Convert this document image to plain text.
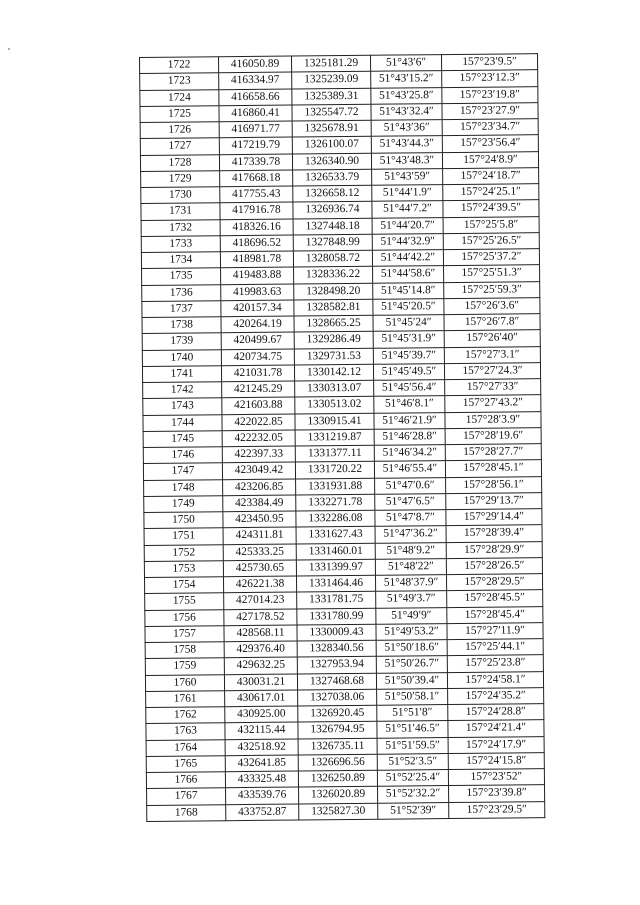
1722	416050.89	1325181.29	51°43′6″	157°23′9.5″
1723	416334.97	1325239.09	51°43′15.2″	157°23′12.3″
1724	416658.66	1325389.31	51°43′25.8″	157°23′19.8″
1725	416860.41	1325547.72	51°43′32.4″	157°23′27.9″
1726	416971.77	1325678.91	51°43′36″	157°23′34.7″
1727	417219.79	1326100.07	51°43′44.3″	157°23′56.4″
1728	417339.78	1326340.90	51°43′48.3″	157°24′8.9″
1729	417668.18	1326533.79	51°43′59″	157°24′18.7″
1730	417755.43	1326658.12	51°44′1.9″	157°24′25.1″
1731	417916.78	1326936.74	51°44′7.2″	157°24′39.5″
1732	418326.16	1327448.18	51°44′20.7″	157°25′5.8″
1733	418696.52	1327848.99	51°44′32.9″	157°25′26.5″
1734	418981.78	1328058.72	51°44′42.2″	157°25′37.2″
1735	419483.88	1328336.22	51°44′58.6″	157°25′51.3″
1736	419983.63	1328498.20	51°45′14.8″	157°25′59.3″
1737	420157.34	1328582.81	51°45′20.5″	157°26′3.6″
1738	420264.19	1328665.25	51°45′24″	157°26′7.8″
1739	420499.67	1329286.49	51°45′31.9″	157°26′40″
1740	420734.75	1329731.53	51°45′39.7″	157°27′3.1″
1741	421031.78	1330142.12	51°45′49.5″	157°27′24.3″
1742	421245.29	1330313.07	51°45′56.4″	157°27′33″
1743	421603.88	1330513.02	51°46′8.1″	157°27′43.2″
1744	422022.85	1330915.41	51°46′21.9″	157°28′3.9″
1745	422232.05	1331219.87	51°46′28.8″	157°28′19.6″
1746	422397.33	1331377.11	51°46′34.2″	157°28′27.7″
1747	423049.42	1331720.22	51°46′55.4″	157°28′45.1″
1748	423206.85	1331931.88	51°47′0.6″	157°28′56.1″
1749	423384.49	1332271.78	51°47′6.5″	157°29′13.7″
1750	423450.95	1332286.08	51°47′8.7″	157°29′14.4″
1751	424311.81	1331627.43	51°47′36.2″	157°28′39.4″
1752	425333.25	1331460.01	51°48′9.2″	157°28′29.9″
1753	425730.65	1331399.97	51°48′22″	157°28′26.5″
1754	426221.38	1331464.46	51°48′37.9″	157°28′29.5″
1755	427014.23	1331781.75	51°49′3.7″	157°28′45.5″
1756	427178.52	1331780.99	51°49′9″	157°28′45.4″
1757	428568.11	1330009.43	51°49′53.2″	157°27′11.9″
1758	429376.40	1328340.56	51°50′18.6″	157°25′44.1″
1759	429632.25	1327953.94	51°50′26.7″	157°25′23.8″
1760	430031.21	1327468.68	51°50′39.4″	157°24′58.1″
1761	430617.01	1327038.06	51°50′58.1″	157°24′35.2″
1762	430925.00	1326920.45	51°51′8″	157°24′28.8″
1763	432115.44	1326794.95	51°51′46.5″	157°24′21.4″
1764	432518.92	1326735.11	51°51′59.5″	157°24′17.9″
1765	432641.85	1326696.56	51°52′3.5″	157°24′15.8″
1766	433325.48	1326250.89	51°52′25.4″	157°23′52″
1767	433539.76	1326020.89	51°52′32.2″	157°23′39.8″
1768	433752.87	1325827.30	51°52′39″	157°23′29.5″
